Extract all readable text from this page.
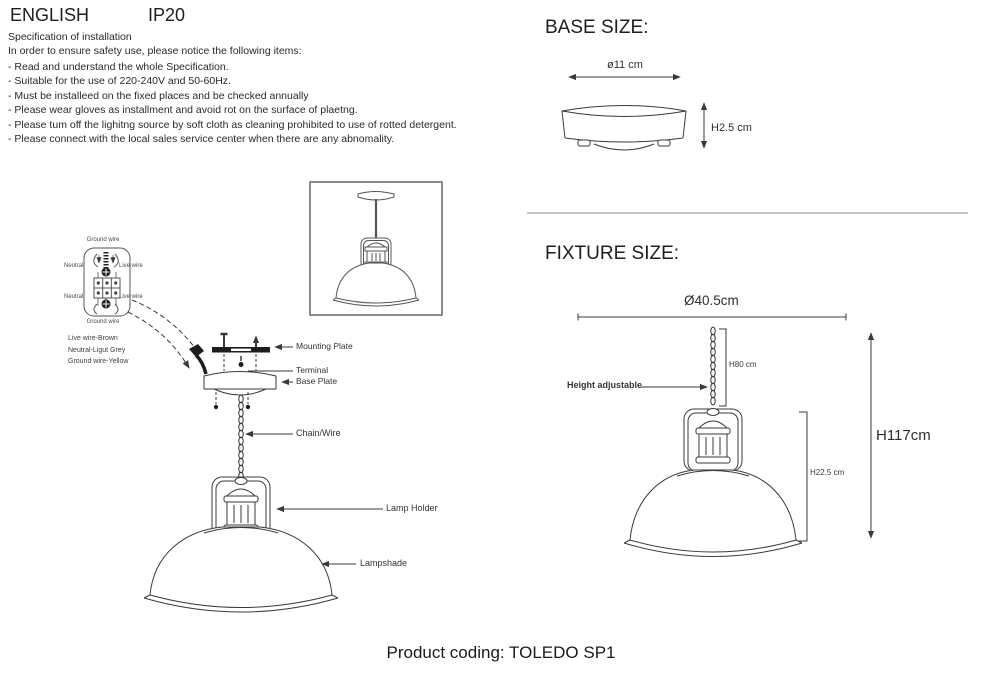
ENGLISH	IP20
Specification of installation
In order to ensure safety use, please notice the following items:
- Read and understand the whole Specification.
- Suitable for the use of 220-240V and 50-60Hz.
- Must be installeed on the fixed places and be checked annually
- Please wear gloves as installment and avoid rot on the surface of plaetng.
- Please tum off the lighitng source by soft cloth as cleaning prohibited to use of rotted detergent.
- Please connect with the local sales service center when there are any abnomality.
Ground wire
Neutral	Live wire
Neutral	Live wire
Ground wire
Live wire-Brown
Neutral-Ligut Grey
Ground wire-Yellow
Mounting Plate
Terminal
Base Plate
Chain/Wire
Lamp Holder
Lampshade
BASE SIZE:
ø11 cm
H2.5 cm
FIXTURE SIZE:
Ø40.5cm
H80 cm
Height adjustable
H22.5 cm
H117cm
Product coding: TOLEDO SP1
